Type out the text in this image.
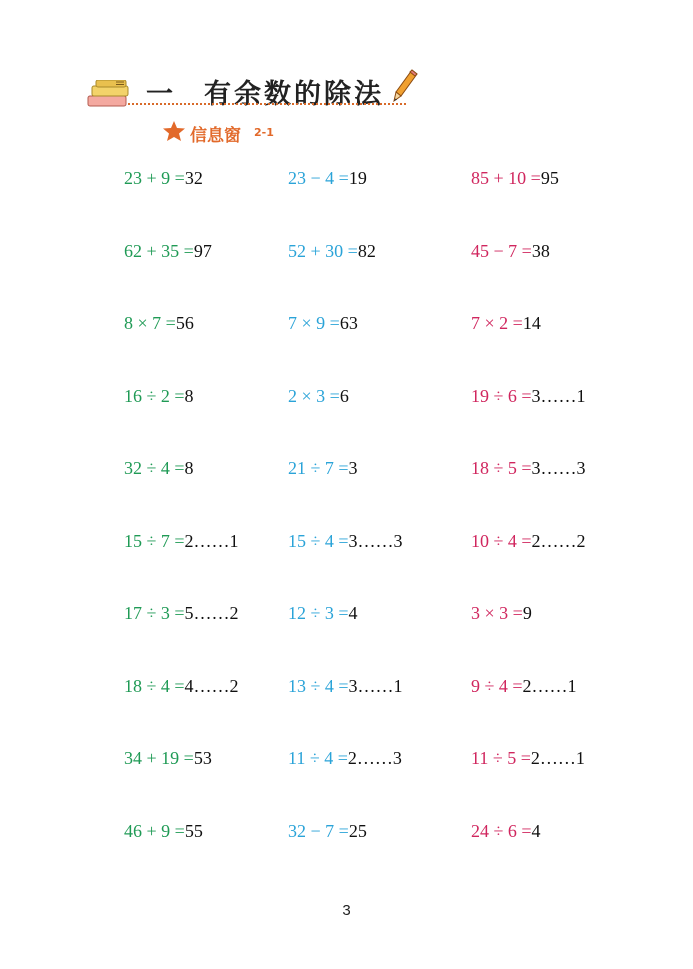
一 有余数的除法
信息窗 2-1
23 + 9 =32	23 − 4 =19	85 + 10 =95
62 + 35 =97	52 + 30 =82	45 − 7 =38
8 × 7 =56	7 × 9 =63	7 × 2 =14
16 ÷ 2 =8	2 × 3 =6	19 ÷ 6 =3……1
32 ÷ 4 =8	21 ÷ 7 =3	18 ÷ 5 =3……3
15 ÷ 7 =2……1	15 ÷ 4 =3……3	10 ÷ 4 =2……2
17 ÷ 3 =5……2	12 ÷ 3 =4	3 × 3 =9
18 ÷ 4 =4……2	13 ÷ 4 =3……1	9 ÷ 4 =2……1
34 + 19 =53	11 ÷ 4 =2……3	11 ÷ 5 =2……1
46 + 9 =55	32 − 7 =25	24 ÷ 6 =4
3
